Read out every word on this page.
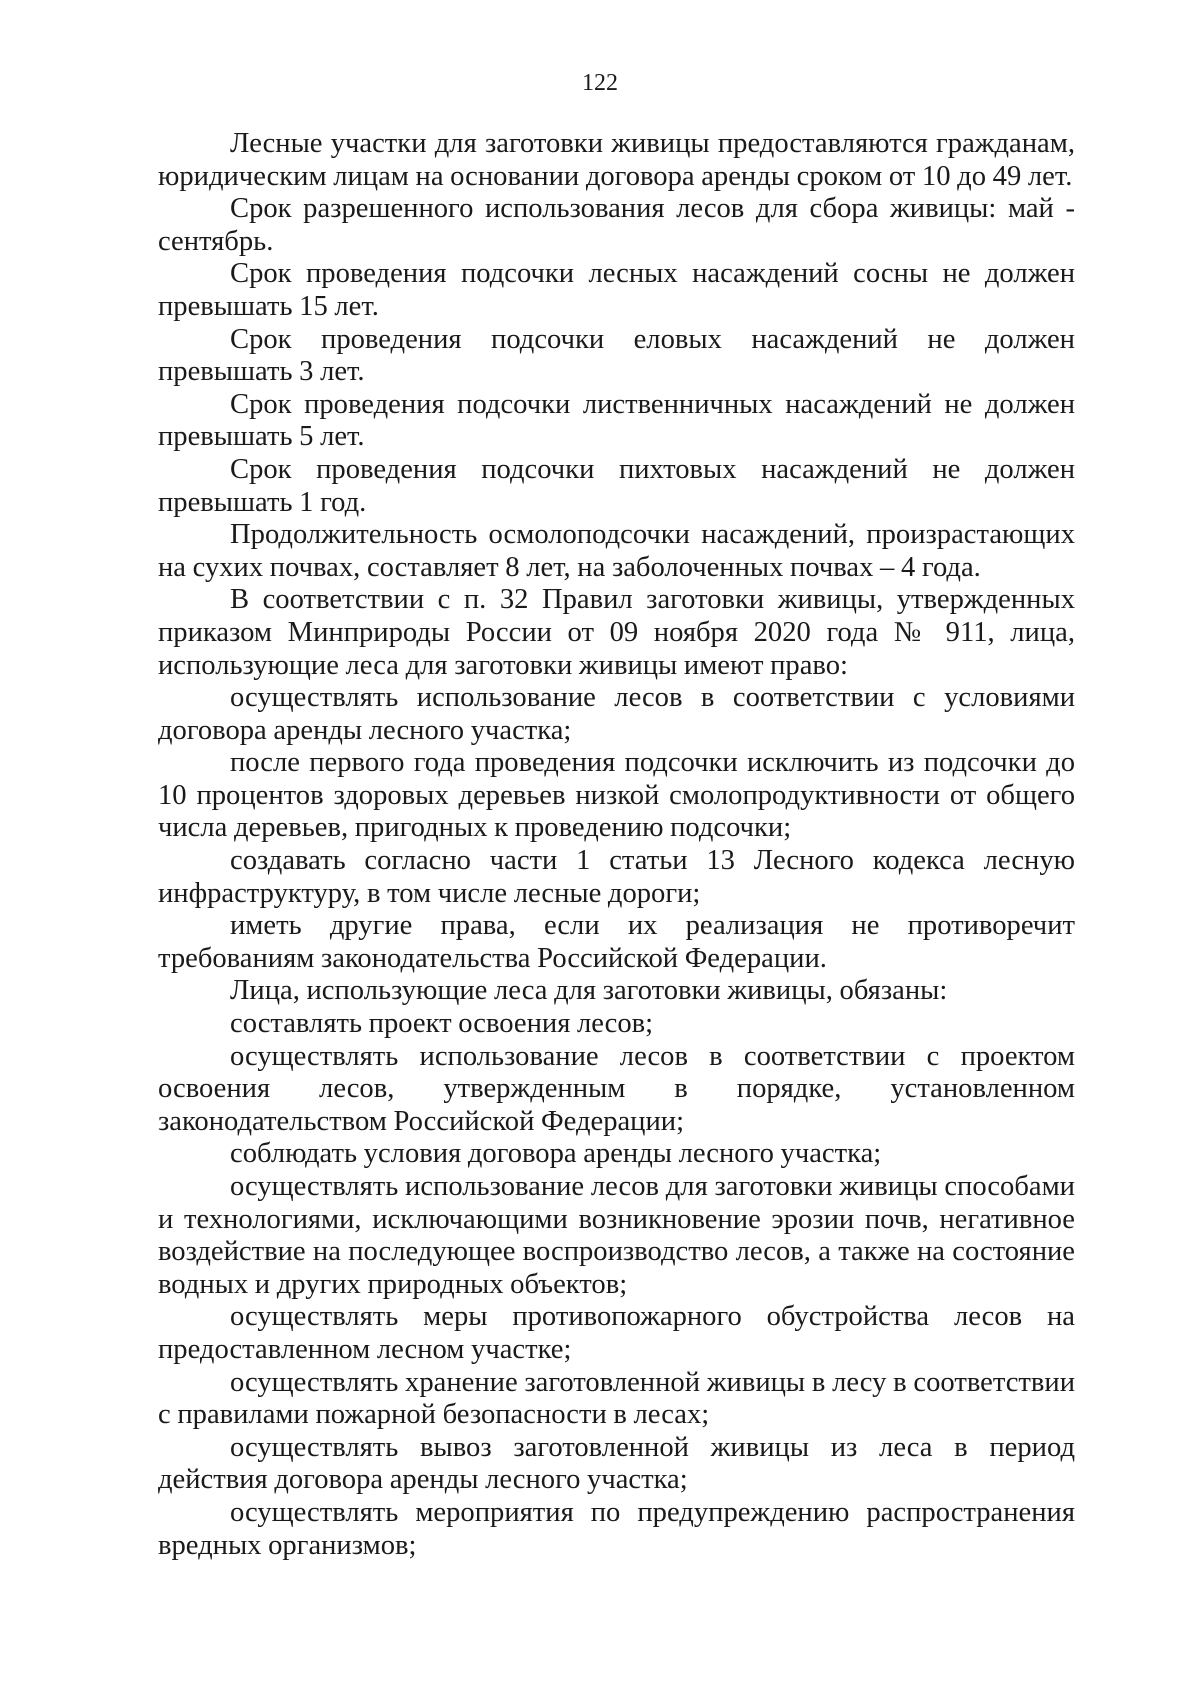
122

Лесные участки для заготовки живицы предоставляются гражданам, юридическим лицам на основании договора аренды сроком от 10 до 49 лет.

Срок разрешенного использования лесов для сбора живицы: май - сентябрь.

Срок проведения подсочки лесных насаждений сосны не должен превышать 15 лет.

Срок проведения подсочки еловых насаждений не должен превышать 3 лет.

Срок проведения подсочки лиственничных насаждений не должен превышать 5 лет.

Срок проведения подсочки пихтовых насаждений не должен превышать 1 год.

Продолжительность осмолоподсочки насаждений, произрастающих на сухих почвах, составляет 8 лет, на заболоченных почвах – 4 года.

В соответствии с п. 32 Правил заготовки живицы, утвержденных приказом Минприроды России от 09 ноября 2020 года № 911, лица, использующие леса для заготовки живицы имеют право:

осуществлять использование лесов в соответствии с условиями договора аренды лесного участка;

после первого года проведения подсочки исключить из подсочки до 10 процентов здоровых деревьев низкой смолопродуктивности от общего числа деревьев, пригодных к проведению подсочки;

создавать согласно части 1 статьи 13 Лесного кодекса лесную инфраструктуру, в том числе лесные дороги;

иметь другие права, если их реализация не противоречит требованиям законодательства Российской Федерации.

Лица, использующие леса для заготовки живицы, обязаны:

составлять проект освоения лесов;

осуществлять использование лесов в соответствии с проектом освоения лесов, утвержденным в порядке, установленном законодательством Российской Федерации;

соблюдать условия договора аренды лесного участка;

осуществлять использование лесов для заготовки живицы способами и технологиями, исключающими возникновение эрозии почв, негативное воздействие на последующее воспроизводство лесов, а также на состояние водных и других природных объектов;

осуществлять меры противопожарного обустройства лесов на предоставленном лесном участке;

осуществлять хранение заготовленной живицы в лесу в соответствии с правилами пожарной безопасности в лесах;

осуществлять вывоз заготовленной живицы из леса в период действия договора аренды лесного участка;

осуществлять мероприятия по предупреждению распространения вредных организмов;
